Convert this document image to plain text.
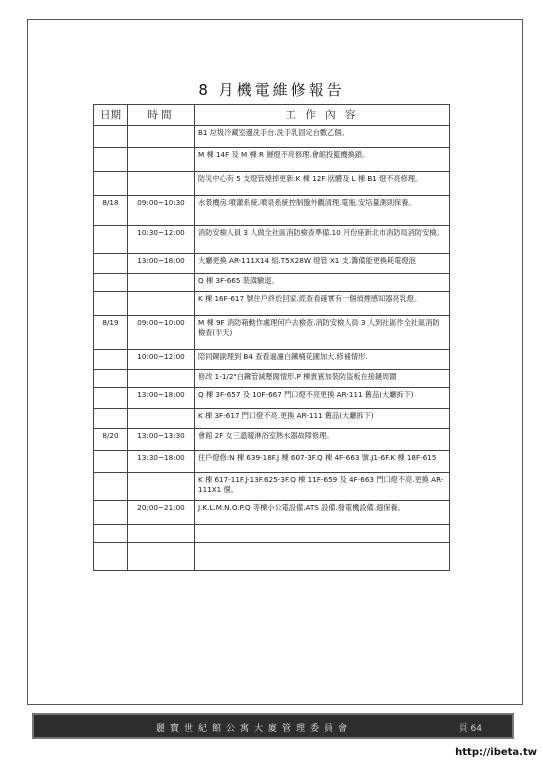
8 月機電維修報告
日期	時間	工 作 內 容
		B1 垃圾冷藏室邊洗手台.洗手乳固定台數乙個。
		M 棟 14F 及 M 棟 R 層燈不亮修理.會館投籃機換鎖。
		防災中心有 5 支燈管燒掉更新.K 棟 12F 狀體及 L 棟 B1 燈不亮修理。
8/18	09:00~10:30	水景機房.噴灌系統.噴泉系統控制盤外觀清理.電瓶.安培量測則保養。
	10:30~12:00	消防安檢人員 3 人做全社區消防檢查準備.10 月份座新北市消防局消防安檢。
	13:00~18:00	大廳更換 AR-111X14 組.T5X28W 燈管 X1 支.籌備能更換耗電燈泡
		Q 棟 3F-665 裝潢驗退。
		K 棟 16F-617 號住戶終於回家.經查看確實有一個偵煙感知器亮乳燈。
8/19	09:00~10:00	M 棟 9F 消防箱動作處理何戶去檢查.消防安檢人員 3 人到社區作全社區消防檢查(半天)
	10:00~12:00	陪同陳副理到 B4 查看過濾白鐵桶花圃加大.修補情形.
		修改 1-1/2"白鐵管減壓閥情形.P 棟貴賓加裝防盜板在接鏈周圍
	13:00~18:00	Q 棟 3F-657 及 10F-667 門口燈不亮更換 AR-111 舊品(大廳拆下)
		K 棟 3F-617 門口燈不亮.更換 AR-111 舊品(大廳拆下)
8/20	13:00~13:30	會館 2F 女三溫暖淋浴室熱水器故障修理。
	13:30~18:00	住戶燈修:N 棟 639-18F.J 棟 607-3F.Q 棟 4F-663 號.J1-6F.K 棟 18F-615
		K 棟 617-11F.J-13F.625-3F.Q 棟 11F-659 及 4F-663 門口燈不亮.更換 AR-111X1 個。
	20:00~21:00	J.K.L.M.N.O.P.Q 等棟小公電設備.ATS 設備.發電機設備.週保養。

麗寶世紀館公寓大廈管理委員會	頁 64
http://ibeta.tw
